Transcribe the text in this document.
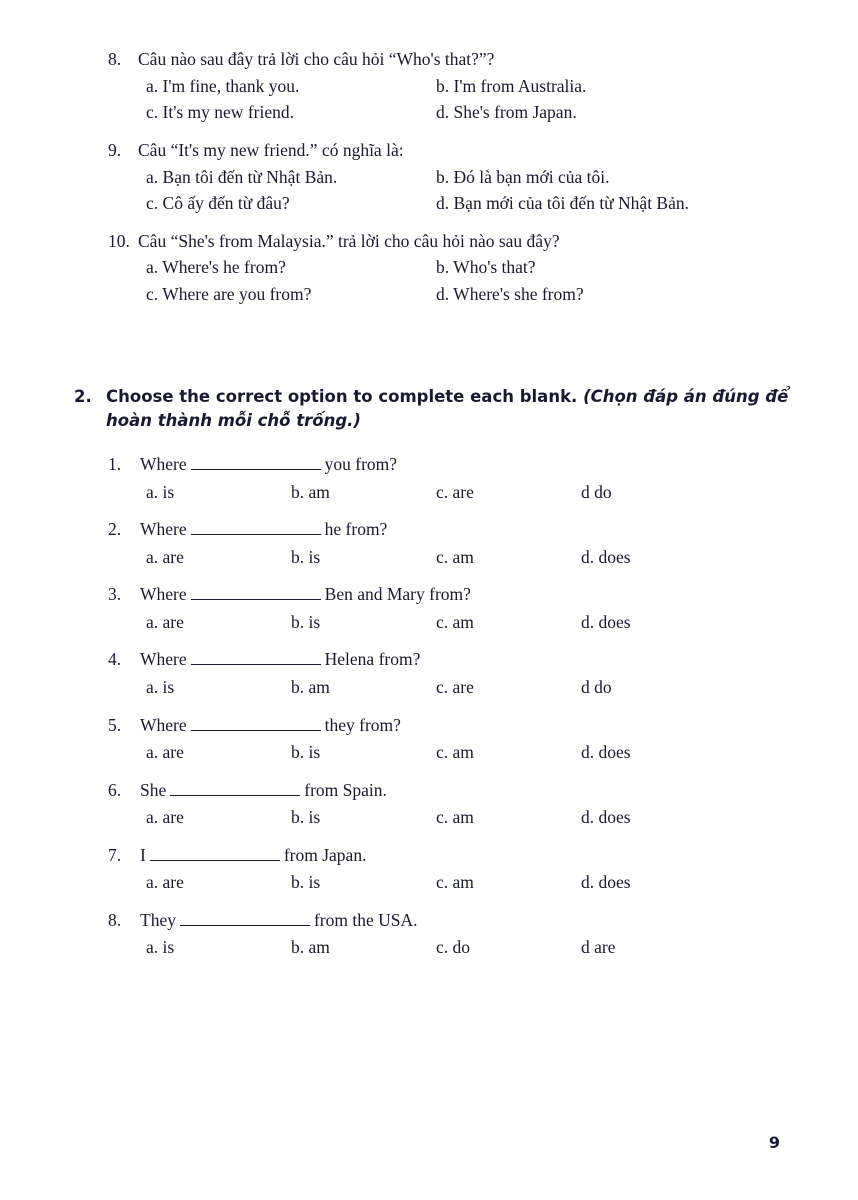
8. Câu nào sau đây trả lời cho câu hỏi “Who's that?”?
a. I'm fine, thank you.	b. I'm from Australia.
c. It's my new friend.	d. She's from Japan.
9. Câu “It's my new friend.” có nghĩa là:
a. Bạn tôi đến từ Nhật Bản.	b. Đó là bạn mới của tôi.
c. Cô ấy đến từ đâu?	d. Bạn mới của tôi đến từ Nhật Bản.
10. Câu “She's from Malaysia.” trả lời cho câu hỏi nào sau đây?
a. Where's he from?	b. Who's that?
c. Where are you from?	d. Where's she from?
2. Choose the correct option to complete each blank. (Chọn đáp án đúng để hoàn thành mỗi chỗ trống.)
1.	Where	you from?
a. is	b. am	c. are	d do
2.	Where	he from?
a. are	b. is	c. am	d. does
3.	Where	Ben and Mary from?
a. are	b. is	c. am	d. does
4.	Where	Helena from?
a. is	b. am	c. are	d do
5.	Where	they from?
a. are	b. is	c. am	d. does
6.	She	from Spain.
a. are	b. is	c. am	d. does
7.	I	from Japan.
a. are	b. is	c. am	d. does
8.	They	from the USA.
a. is	b. am	c. do	d are
9
